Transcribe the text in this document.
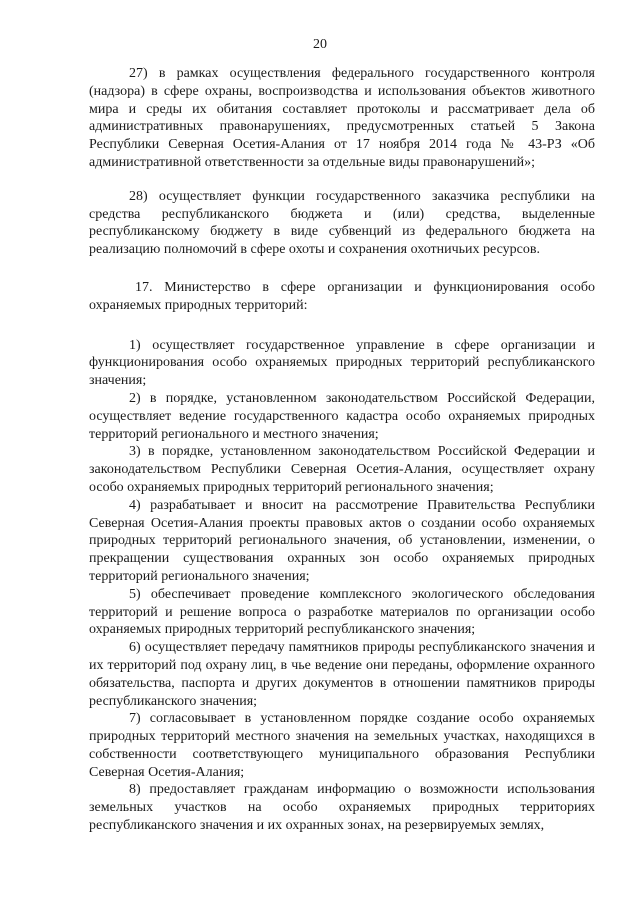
20

27) в рамках осуществления федерального государственного контроля (надзора) в сфере охраны, воспроизводства и использования объектов животного мира и среды их обитания составляет протоколы и рассматривает дела об административных правонарушениях, предусмотренных статьей 5 Закона Республики Северная Осетия-Алания от 17 ноября 2014 года № 43-РЗ «Об административной ответственности за отдельные виды правонарушений»;

28) осуществляет функции государственного заказчика республики на средства республиканского бюджета и (или) средства, выделенные республиканскому бюджету в виде субвенций из федерального бюджета на реализацию полномочий в сфере охоты и сохранения охотничьих ресурсов.

17. Министерство в сфере организации и функционирования особо охраняемых природных территорий:

1) осуществляет государственное управление в сфере организации и функционирования особо охраняемых природных территорий республиканского значения;

2) в порядке, установленном законодательством Российской Федерации, осуществляет ведение государственного кадастра особо охраняемых природных территорий регионального и местного значения;

3) в порядке, установленном законодательством Российской Федерации и законодательством Республики Северная Осетия-Алания, осуществляет охрану особо охраняемых природных территорий регионального значения;

4) разрабатывает и вносит на рассмотрение Правительства Республики Северная Осетия-Алания проекты правовых актов о создании особо охраняемых природных территорий регионального значения, об установлении, изменении, о прекращении существования охранных зон особо охраняемых природных территорий регионального значения;

5) обеспечивает проведение комплексного экологического обследования территорий и решение вопроса о разработке материалов по организации особо охраняемых природных территорий республиканского значения;

6) осуществляет передачу памятников природы республиканского значения и их территорий под охрану лиц, в чье ведение они переданы, оформление охранного обязательства, паспорта и других документов в отношении памятников природы республиканского значения;

7) согласовывает в установленном порядке создание особо охраняемых природных территорий местного значения на земельных участках, находящихся в собственности соответствующего муниципального образования Республики Северная Осетия-Алания;

8) предоставляет гражданам информацию о возможности использования земельных участков на особо охраняемых природных территориях республиканского значения и их охранных зонах, на резервируемых землях,
